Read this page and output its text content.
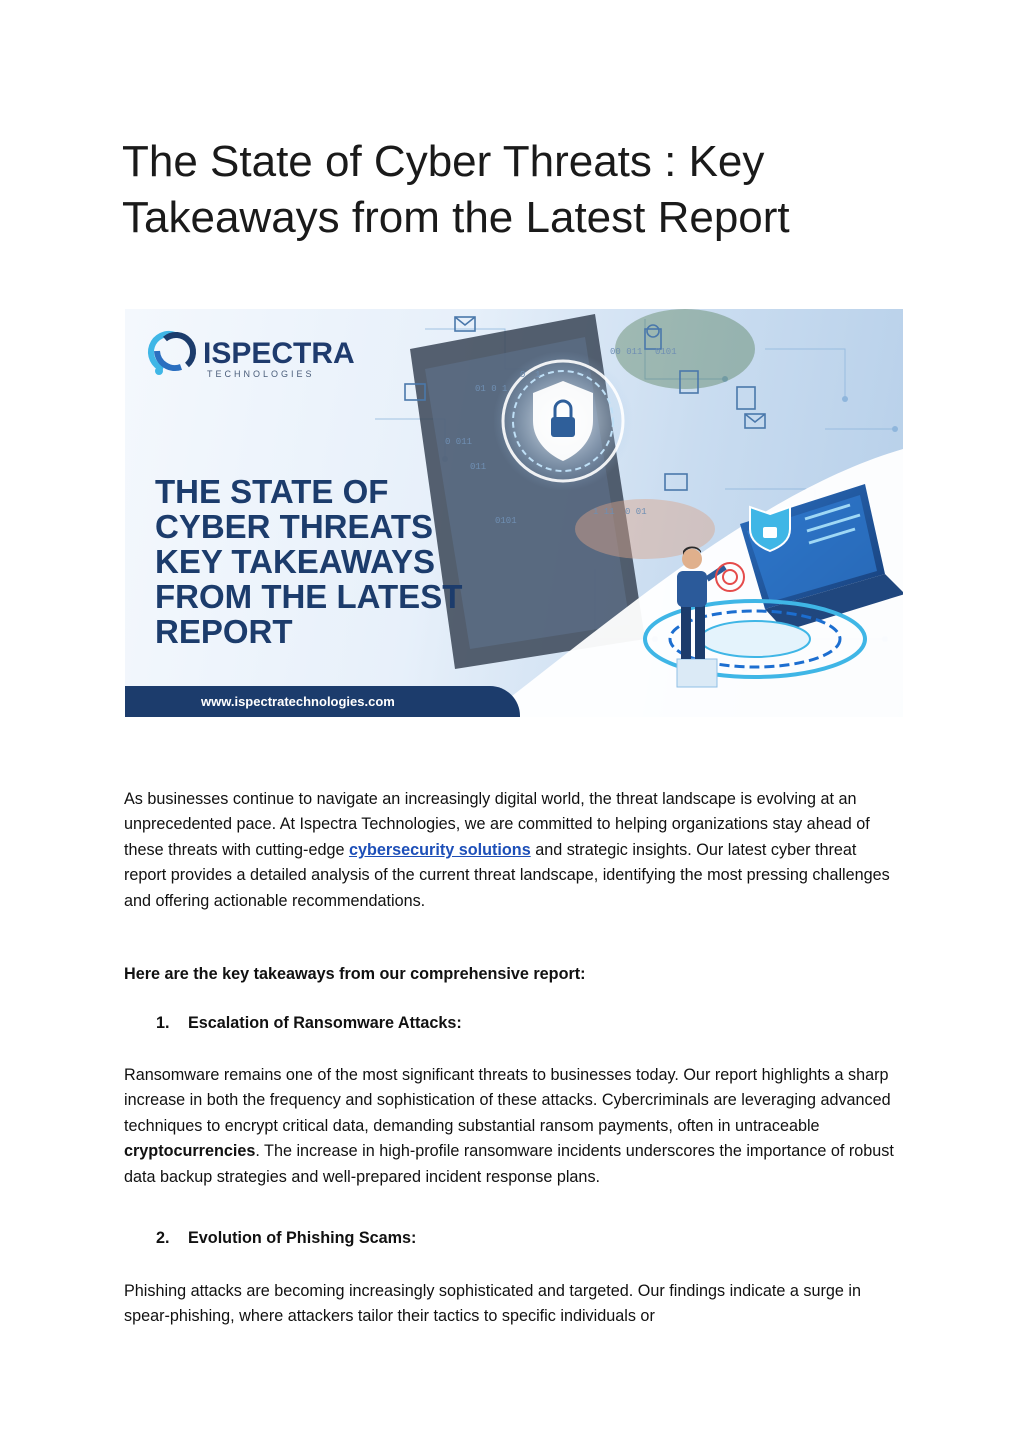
The State of Cyber Threats : Key Takeaways from the Latest Report
00 011 0101
01 0 1
0 011
011
0101
1 11 0 01
0 1
ISPECTRA
TECHNOLOGIES
THE STATE OF
CYBER THREATS
KEY TAKEAWAYS
FROM THE LATEST
REPORT
www.ispectratechnologies.com

As businesses continue to navigate an increasingly digital world, the threat landscape is evolving at an unprecedented pace. At Ispectra Technologies, we are committed to helping organizations stay ahead of these threats with cutting-edge cybersecurity solutions and strategic insights. Our latest cyber threat report provides a detailed analysis of the current threat landscape, identifying the most pressing challenges and offering actionable recommendations.

Here are the key takeaways from our comprehensive report:

1. Escalation of Ransomware Attacks:

Ransomware remains one of the most significant threats to businesses today. Our report highlights a sharp increase in both the frequency and sophistication of these attacks. Cybercriminals are leveraging advanced techniques to encrypt critical data, demanding substantial ransom payments, often in untraceable cryptocurrencies. The increase in high-profile ransomware incidents underscores the importance of robust data backup strategies and well-prepared incident response plans.

2. Evolution of Phishing Scams:

Phishing attacks are becoming increasingly sophisticated and targeted. Our findings indicate a surge in spear-phishing, where attackers tailor their tactics to specific individuals or
